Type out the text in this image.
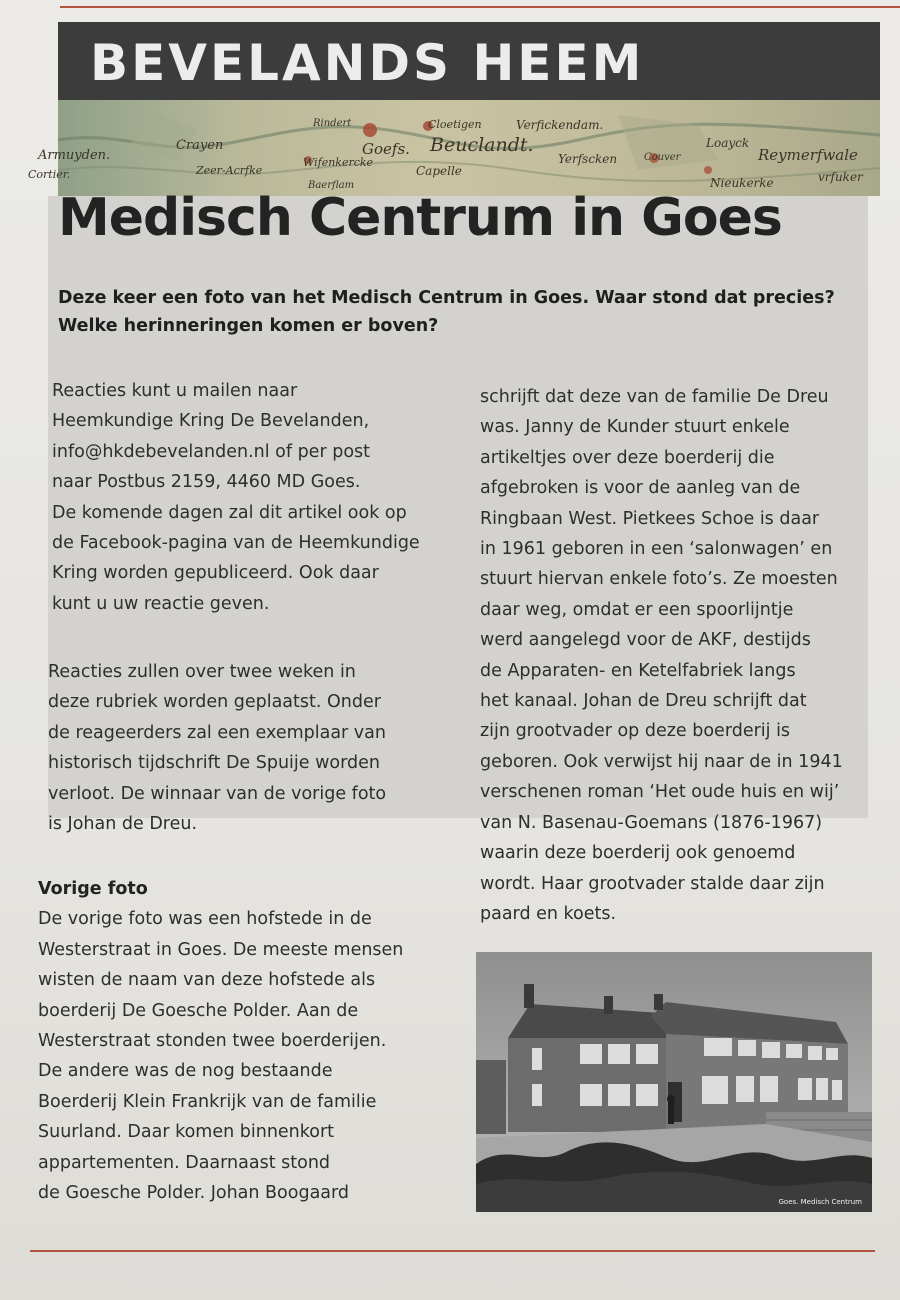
BEVELANDS HEEM
Armuyden.
Cortier.
Crayen
Zeer-Acrfke
Wifenkercke
Rindert
Goefs.
Cloetigen
Beuclandt.
Capelle
Verfickendam.
Yerfscken
Loayck
Reymerfwale
vrfuker
Nieukerke
Baerflam
Couver
Medisch Centrum in Goes
Deze keer een foto van het Medisch Centrum in Goes. Waar stond dat precies? Welke herinneringen komen er boven?

Reacties kunt u mailen naar

Heemkundige Kring De Bevelanden,

info@hkdebevelanden.nl of per post

naar Postbus 2159, 4460 MD Goes.

De komende dagen zal dit artikel ook op

de Facebook-pagina van de Heemkundige

Kring worden gepubliceerd. Ook daar

kunt u uw reactie geven.

Reacties zullen over twee weken in

deze rubriek worden geplaatst. Onder

de reageerders zal een exemplaar van

historisch tijdschrift De Spuije worden

verloot. De winnaar van de vorige foto

is Johan de Dreu.

Vorige foto

De vorige foto was een hofstede in de

Westerstraat in Goes. De meeste mensen

wisten de naam van deze hofstede als

boerderij De Goesche Polder. Aan de

Westerstraat stonden twee boerderijen.

De andere was de nog bestaande

Boerderij Klein Frankrijk van de familie

Suurland. Daar komen binnenkort

appartementen. Daarnaast stond

de Goesche Polder. Johan Boogaard

schrijft dat deze van de familie De Dreu

was. Janny de Kunder stuurt enkele

artikeltjes over deze boerderij die

afgebroken is voor de aanleg van de

Ringbaan West. Pietkees Schoe is daar

in 1961 geboren in een ‘salonwagen’ en

stuurt hiervan enkele foto’s. Ze moesten

daar weg, omdat er een spoorlijntje

werd aangelegd voor de AKF, destijds

de Apparaten- en Ketelfabriek langs

het kanaal. Johan de Dreu schrijft dat

zijn grootvader op deze boerderij is

geboren. Ook verwijst hij naar de in 1941

verschenen roman ‘Het oude huis en wij’

van N. Basenau-Goemans (1876-1967)

waarin deze boerderij ook genoemd

wordt. Haar grootvader stalde daar zijn

paard en koets.

Goes. Medisch Centrum
